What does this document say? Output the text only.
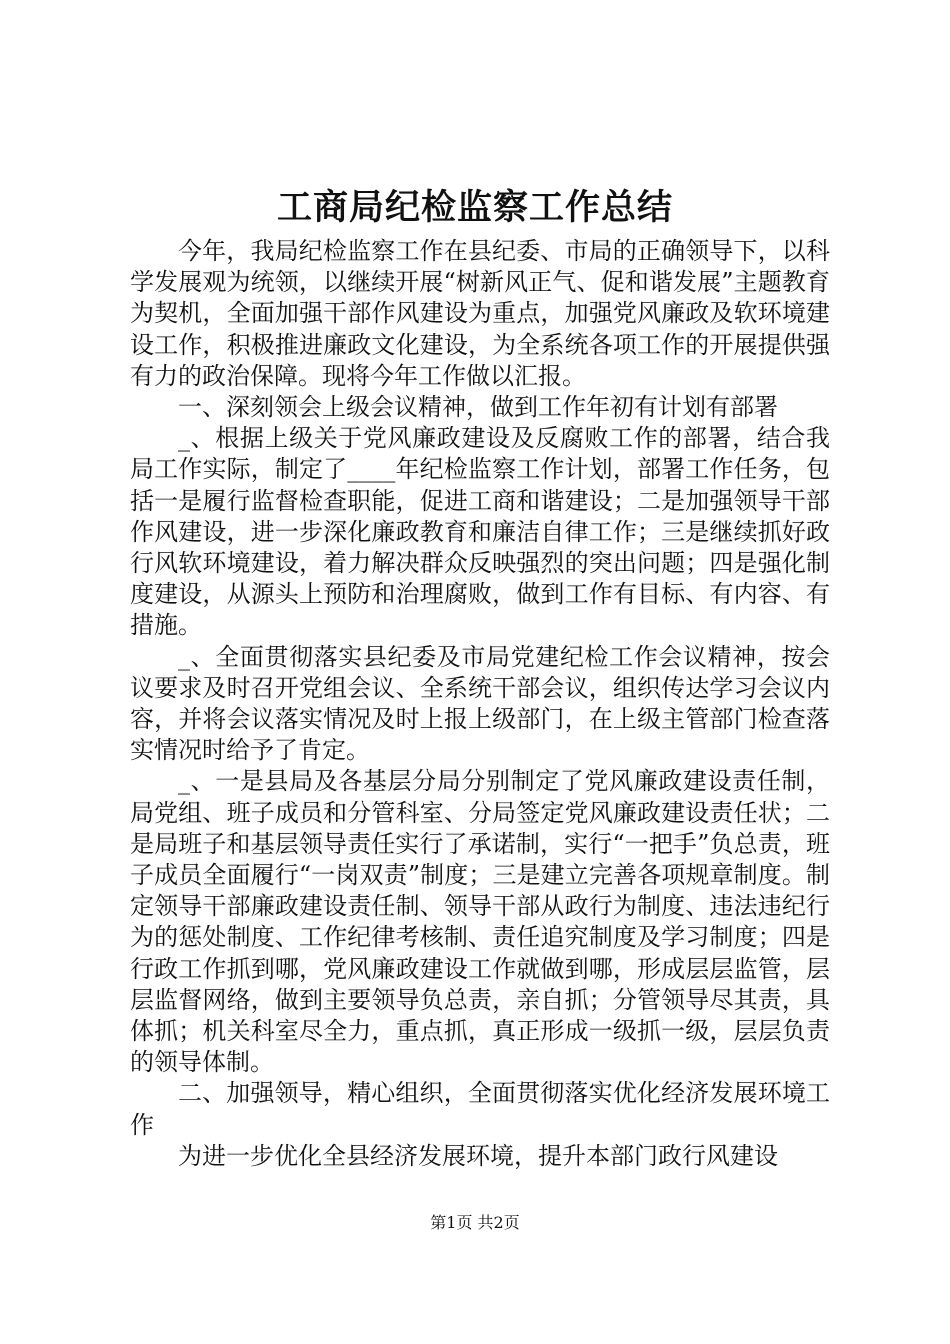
工商局纪检监察工作总结

今年，我局纪检监察工作在县纪委、市局的正确领导下，以科学发展观为统领，以继续开展“树新风正气、促和谐发展”主题教育为契机，全面加强干部作风建设为重点，加强党风廉政及软环境建设工作，积极推进廉政文化建设，为全系统各项工作的开展提供强有力的政治保障。现将今年工作做以汇报。

一、深刻领会上级会议精神，做到工作年初有计划有部署

_、根据上级关于党风廉政建设及反腐败工作的部署，结合我局工作实际，制定了____年纪检监察工作计划，部署工作任务，包括一是履行监督检查职能，促进工商和谐建设；二是加强领导干部作风建设，进一步深化廉政教育和廉洁自律工作；三是继续抓好政行风软环境建设，着力解决群众反映强烈的突出问题；四是强化制度建设，从源头上预防和治理腐败，做到工作有目标、有内容、有措施。

_、全面贯彻落实县纪委及市局党建纪检工作会议精神，按会议要求及时召开党组会议、全系统干部会议，组织传达学习会议内容，并将会议落实情况及时上报上级部门，在上级主管部门检查落实情况时给予了肯定。

_、一是县局及各基层分局分别制定了党风廉政建设责任制，局党组、班子成员和分管科室、分局签定党风廉政建设责任状；二是局班子和基层领导责任实行了承诺制，实行“一把手”负总责，班子成员全面履行“一岗双责”制度；三是建立完善各项规章制度。制定领导干部廉政建设责任制、领导干部从政行为制度、违法违纪行为的惩处制度、工作纪律考核制、责任追究制度及学习制度；四是行政工作抓到哪，党风廉政建设工作就做到哪，形成层层监管，层层监督网络，做到主要领导负总责，亲自抓；分管领导尽其责，具体抓；机关科室尽全力，重点抓，真正形成一级抓一级，层层负责的领导体制。

二、加强领导，精心组织，全面贯彻落实优化经济发展环境工作

为进一步优化全县经济发展环境，提升本部门政行风建设

第1页 共2页
